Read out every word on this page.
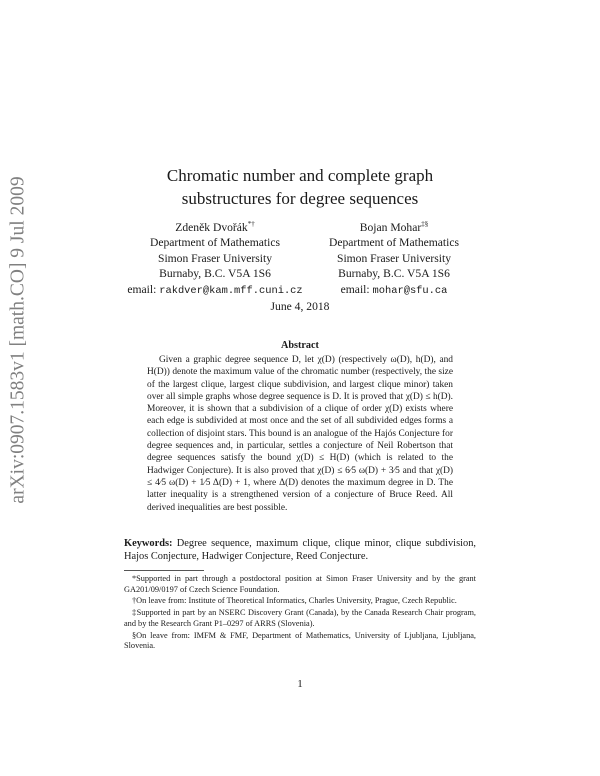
arXiv:0907.1583v1 [math.CO] 9 Jul 2009
Chromatic number and complete graph
substructures for degree sequences
Zdeněk Dvořák*†
Department of Mathematics
Simon Fraser University
Burnaby, B.C. V5A 1S6
email: rakdver@kam.mff.cuni.cz
Bojan Mohar‡§
Department of Mathematics
Simon Fraser University
Burnaby, B.C. V5A 1S6
email: mohar@sfu.ca
June 4, 2018
Abstract

Given a graphic degree sequence D, let χ(D) (respectively ω(D), h(D), and H(D)) denote the maximum value of the chromatic number (respectively, the size of the largest clique, largest clique subdivision, and largest clique minor) taken over all simple graphs whose degree sequence is D. It is proved that χ(D) ≤ h(D). Moreover, it is shown that a subdivision of a clique of order χ(D) exists where each edge is subdivided at most once and the set of all subdivided edges forms a collection of disjoint stars. This bound is an analogue of the Hajós Conjecture for degree sequences and, in particular, settles a conjecture of Neil Robertson that degree sequences satisfy the bound χ(D) ≤ H(D) (which is related to the Hadwiger Conjecture). It is also proved that χ(D) ≤ 6⁄5 ω(D) + 3⁄5 and that χ(D) ≤ 4⁄5 ω(D) + 1⁄5 Δ(D) + 1, where Δ(D) denotes the maximum degree in D. The latter inequality is a strengthened version of a conjecture of Bruce Reed. All derived inequalities are best possible.

Keywords: Degree sequence, maximum clique, clique minor, clique subdivision, Hajos Conjecture, Hadwiger Conjecture, Reed Conjecture.

*Supported in part through a postdoctoral position at Simon Fraser University and by the grant GA201/09/0197 of Czech Science Foundation.

†On leave from: Institute of Theoretical Informatics, Charles University, Prague, Czech Republic.

‡Supported in part by an NSERC Discovery Grant (Canada), by the Canada Research Chair program, and by the Research Grant P1–0297 of ARRS (Slovenia).

§On leave from: IMFM & FMF, Department of Mathematics, University of Ljubljana, Ljubljana, Slovenia.

1
